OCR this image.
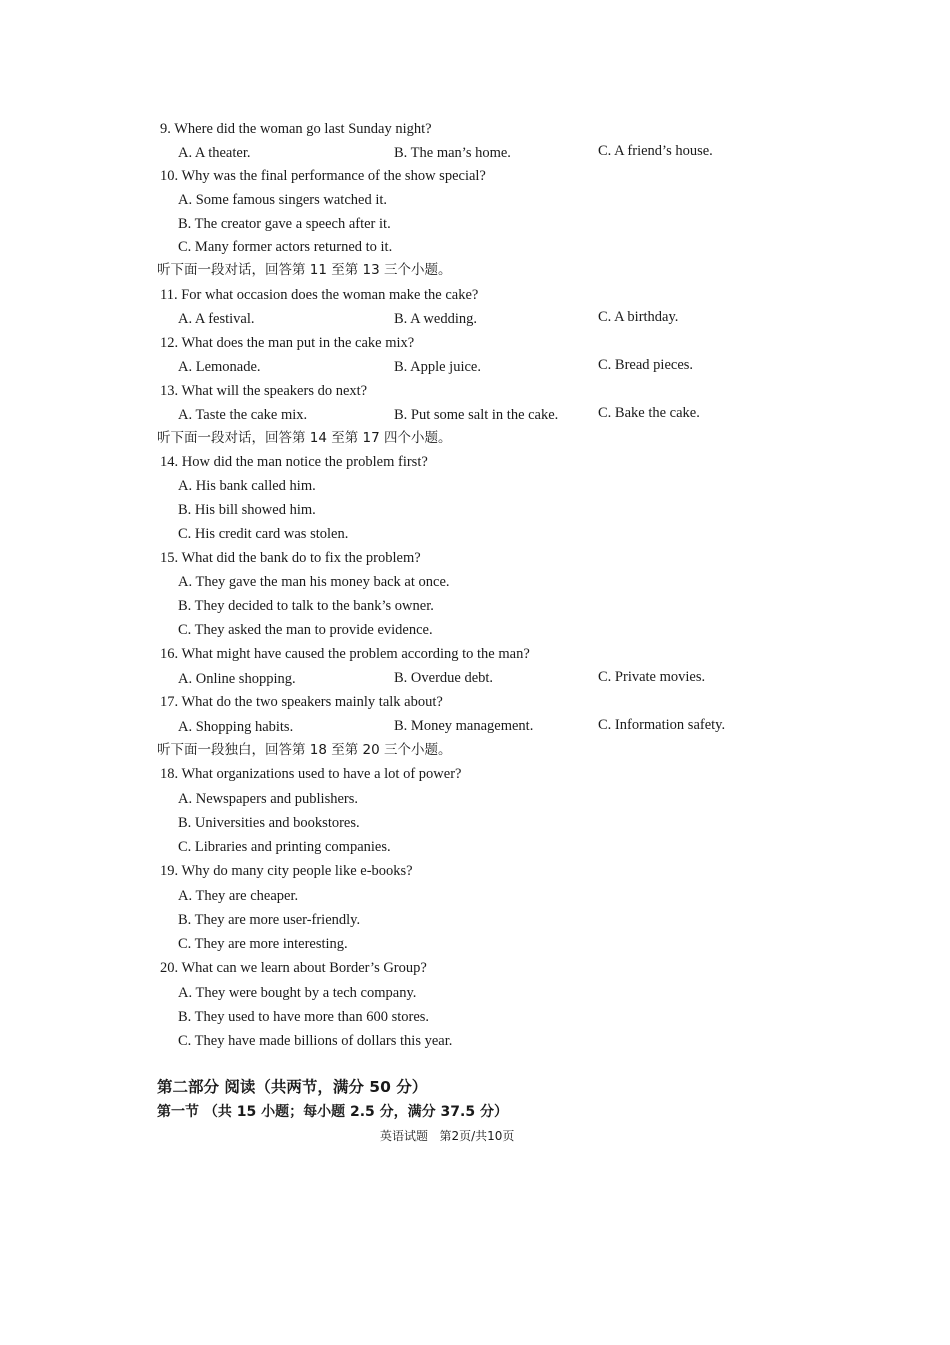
9. Where did the woman go last Sunday night?
A. A theater.	B. The man’s home.	C. A friend’s house.
10. Why was the final performance of the show special?
A. Some famous singers watched it.
B. The creator gave a speech after it.
C. Many former actors returned to it.
听下面一段对话，回答第 11 至第 13 三个小题。
11. For what occasion does the woman make the cake?
A. A festival.	B. A wedding.	C. A birthday.
12. What does the man put in the cake mix?
A. Lemonade.	B. Apple juice.	C. Bread pieces.
13. What will the speakers do next?
A. Taste the cake mix.	B. Put some salt in the cake.	C. Bake the cake.
听下面一段对话，回答第 14 至第 17 四个小题。
14. How did the man notice the problem first?
A. His bank called him.
B. His bill showed him.
C. His credit card was stolen.
15. What did the bank do to fix the problem?
A. They gave the man his money back at once.
B. They decided to talk to the bank’s owner.
C. They asked the man to provide evidence.
16. What might have caused the problem according to the man?
A. Online shopping.	B. Overdue debt.	C. Private movies.
17. What do the two speakers mainly talk about?
A. Shopping habits.	B. Money management.	C. Information safety.
听下面一段独白，回答第 18 至第 20 三个小题。
18. What organizations used to have a lot of power?
A. Newspapers and publishers.
B. Universities and bookstores.
C. Libraries and printing companies.
19. Why do many city people like e-books?
A. They are cheaper.
B. They are more user-friendly.
C. They are more interesting.
20. What can we learn about Border’s Group?
A. They were bought by a tech company.
B. They used to have more than 600 stores.
C. They have made billions of dollars this year.
第二部分 阅读（共两节，满分 50 分）
第一节 （共 15 小题；每小题 2.5 分，满分 37.5 分）
英语试题   第2页/共10页
